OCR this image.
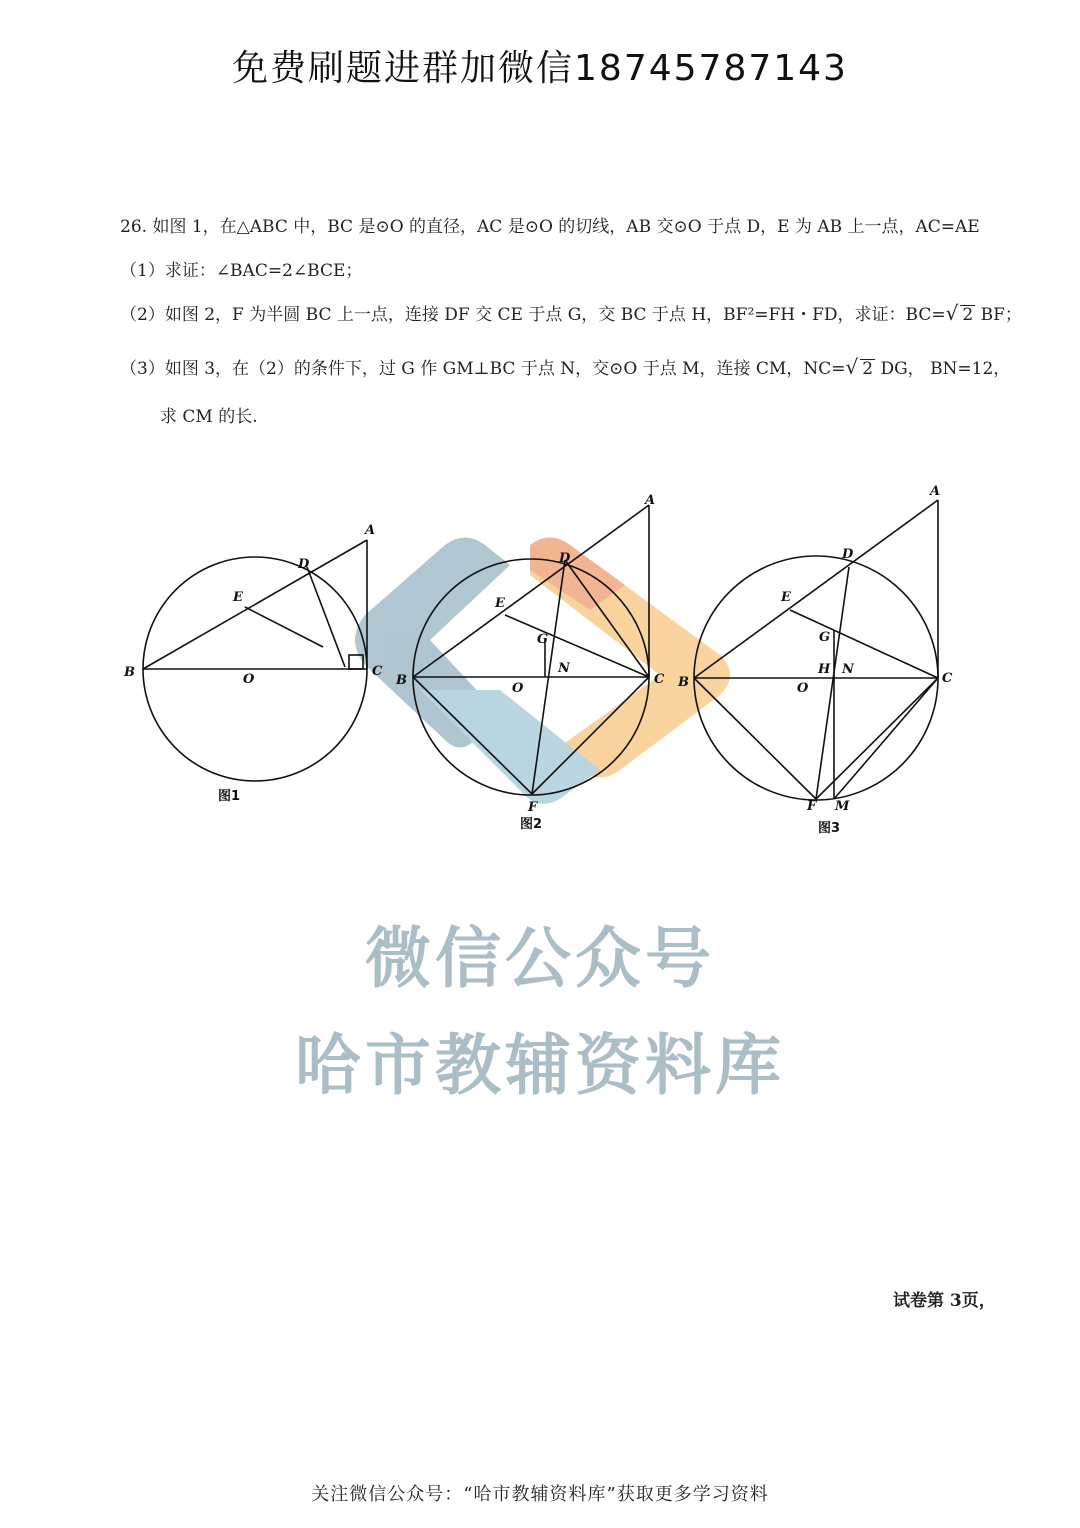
免费刷题进群加微信18745787143
26. 如图 1，在△ABC 中，BC 是⊙O 的直径，AC 是⊙O 的切线，AB 交⊙O 于点 D，E 为 AB 上一点，AC=AE
（1）求证：∠BAC=2∠BCE；
（2）如图 2，F 为半圆 BC 上一点，连接 DF 交 CE 于点 G，交 BC 于点 H，BF²=FH・FD，求证：BC=√ 2 BF；
（3）如图 3，在（2）的条件下，过 G 作 GM⊥BC 于点 N，交⊙O 于点 M，连接 CM，NC=√ 2 DG， BN=12，
求 CM 的长.
A
B	C
D
E
O
图1
A
B	C
D
E
F
G
N
O
图2
A
B	C
D
E
F
G
H N
M
O
图3
微信公众号
哈市教辅资料库
试卷第 3页，
关注微信公众号：“哈市教辅资料库”获取更多学习资料
